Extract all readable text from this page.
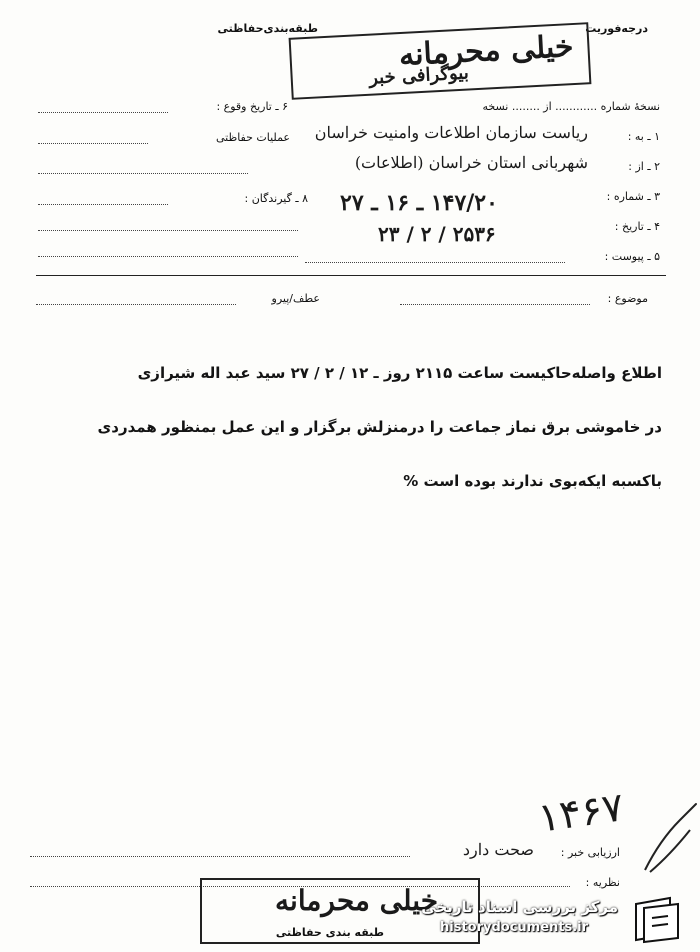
درجه‌فوریت
طبقه‌بندی‌حفاظتی
خیلی محرمانه
بیوگرافی خبر
نسخهٔ شماره ............ از ........ نسخه
۶ ـ تاریخ وقوع :
۱ ـ به :
ریاست سازمان اطلاعات وامنیت خراسان
عملیات حفاظتی
۲ ـ از :
شهربانی استان خراسان (اطلاعات)
۳ ـ شماره :
۱۴۷/۲۰ ـ ۱۶ ـ ۲۷
۸ ـ گیرندگان :
۴ ـ تاریخ :
۲۵۳۶ / ۲ / ۲۳
۵ ـ پیوست :
موضوع :
عطف/پیرو
اطلاع واصله‌حاکیست ساعت ۲۱۱۵ روز ـ ۱۲ / ۲ / ۲۷ سید عبد اله شیرازی
در خاموشی برق نماز جماعت را درمنزلش برگزار و این عمل بمنظور همدردی
باکسبه ایکه‌بوی ندارند بوده است %
۱۴۶۷
ارزیابی خبر :
صحت دارد
نظریه :
خیلی محرمانه
طبقه بندی حفاظتی
مرکز بررسی اسناد تاریخی
historydocuments.ir
